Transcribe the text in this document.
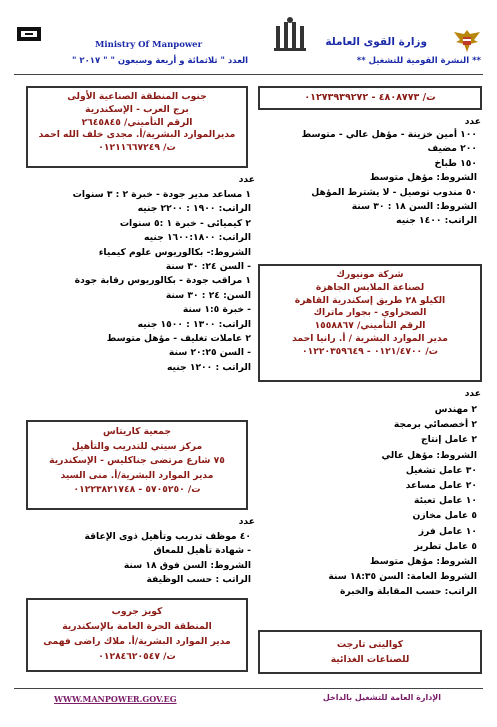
Ministry Of Manpower	وزارة القوى العاملة
** النشرة القومية للتشغيل **
العدد " ثلاثمائة و أربعة وسبعون " " ٢٠١٧ "
ت/ ٤٨٠٨٧٧٣ - ٠١٢٧٣٩٣٩٢٧٢
عدد
١٠٠ أمين خزينة - مؤهل عالي - متوسط
٢٠٠ مضيف
١٥٠ طباخ
الشروط: مؤهل متوسط
٥٠ مندوب توصيل - لا يشترط المؤهل
الشروط: السن ١٨ : ٣٠ سنة
الراتب: ١٤٠٠ جنيه
شركة مونيورك
لصناعة الملابس الجاهزة
الكيلو ٢٨ طريق إسكندرية القاهرة
الصحراوي - بجوار ماتراك
الرقم التأميني/ ١٥٥٨٨٦٧
مدير الموارد البشرية / أ. رانيا احمد
ت/ ٠١٢١/٤٧٠٠ - ٠١٢٢٠٣٥٩٦٤٩
عدد
٢ مهندس
٢ أخصصائي برمجة
٢ عامل إنتاج
الشروط: مؤهل عالي
٣٠ عامل تشغيل
٢٠ عامل مساعد
١٠ عامل تعبئة
٥ عامل مخازن
١٠ عامل فرز
٥ عامل تطريز
الشروط: مؤهل متوسط
الشروط العامة: السن ١٨:٣٥ سنة
الراتب: حسب المقابلة والخبرة
كواليتى تارجت
للصناعات الغذائية
جنوب المنطقة الصناعية الأولى
برج العرب - الإسكندرية
الرقم التأميني/ ٢٦٤٥٨٤٥
مديرالموارد البشرية/أ. مجدى خلف الله احمد
ت/ ٠١٢١١٦٦٧٢٤٩
عدد
١ مساعد مدير جودة - خبرة ٢ : ٣ سنوات
الراتب: ١٩٠٠ : ٢٢٠٠ جنيه
٢ كيميائى - خبرة ١ :٥ سنوات
الراتب: ١٦٠٠:١٨٠٠ جنيه
الشروط:- بكالوريوس علوم كيمياء
- السن ٢٤: ٣٠ سنة
١ مراقب جودة - بكالوريوس رقابة جودة
السن: ٢٤ : ٣٠ سنة
- خبرة ١:٥ سنة
الراتب: ١٣٠٠ : ١٥٠٠ جنيه
٢ عاملات تغليف - مؤهل متوسط
- السن ٢٠:٢٥ سنة
الراتب : ١٢٠٠ جنيه
جمعية كاريتاس
مركز سيتي للتدريب والتأهيل
٧٥ شارع مرتضى جناكليس - الإسكندرية
مدير الموارد البشرية/أ. منى السيد
ت/ ٥٧٠٥٢٥٠ - ٠١٢٢٣٨٢١٧٤٨
عدد
٤٠ موظف تدريب وتأهيل ذوى الإعاقة
- شهادة تأهيل للمعاق
الشروط: السن فوق ١٨ سنة
الراتب : حسب الوظيفة
كويز جروب
المنطقة الحرة العامة بالإسكندرية
مدير الموارد البشرية/أ. ملاك راضى فهمى
ت/ ٠١٢٨٤٦٢٠٥٤٧
WWW.MANPOWER.GOV.EG	الإدارة العامة للتشغيل بالداخل
